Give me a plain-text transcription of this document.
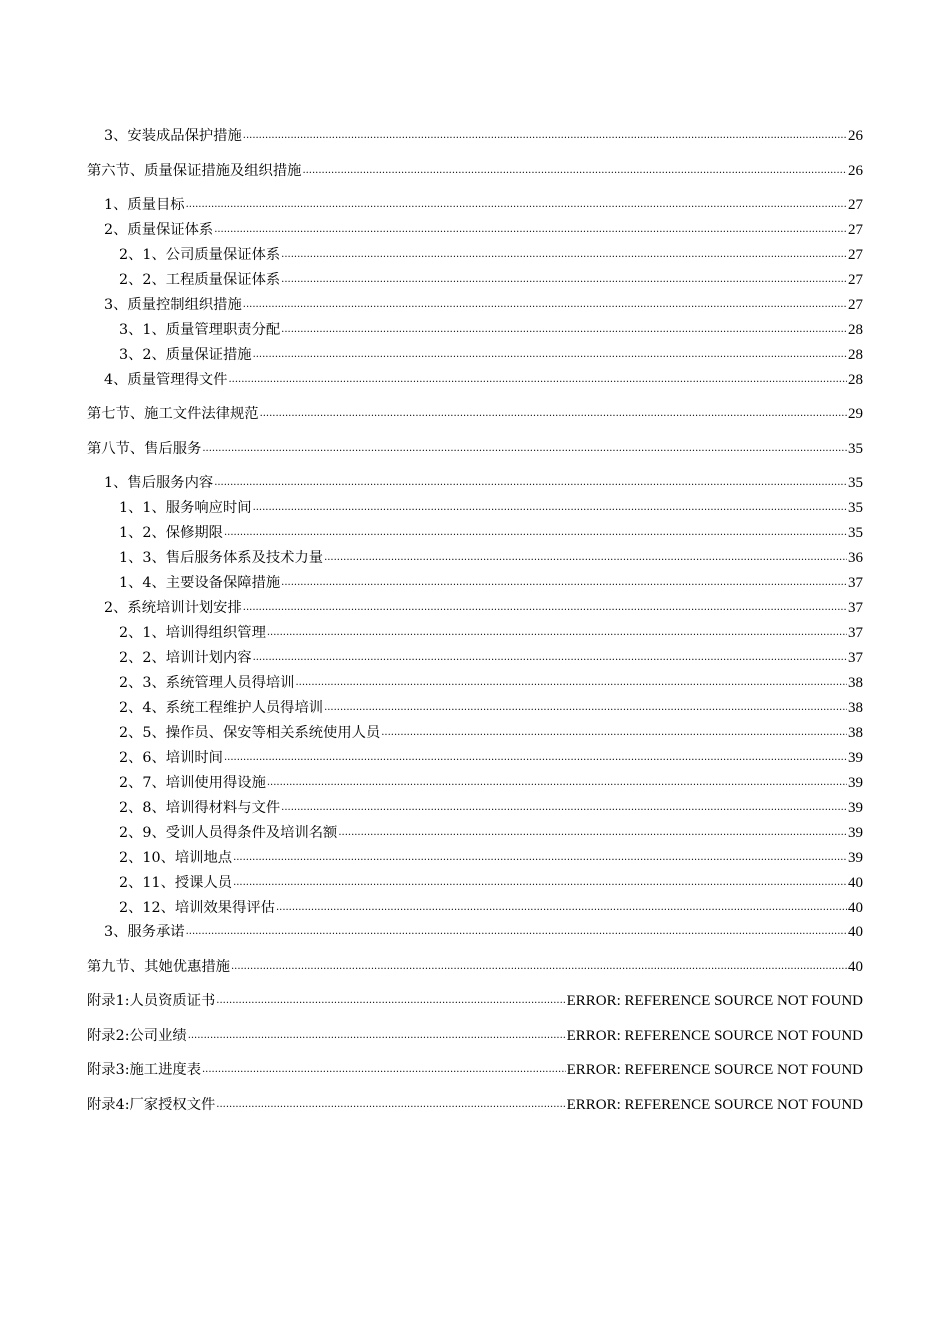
3、安装成品保护措施 .....	26
第六节、质量保证措施及组织措施 .....	26
1、质量目标 .....	27
2、质量保证体系 .....	27
2、1、公司质量保证体系 .....	27
2、2、工程质量保证体系 .....	27
3、质量控制组织措施 .....	27
3、1、质量管理职责分配 .....	28
3、2、质量保证措施 .....	28
4、质量管理得文件 .....	28
第七节、施工文件法律规范 .....	29
第八节、售后服务 .....	35
1、售后服务内容 .....	35
1、1、服务响应时间 .....	35
1、2、保修期限 .....	35
1、3、售后服务体系及技术力量 .....	36
1、4、主要设备保障措施 .....	37
2、系统培训计划安排 .....	37
2、1、培训得组织管理 .....	37
2、2、培训计划内容 .....	37
2、3、系统管理人员得培训 .....	38
2、4、系统工程维护人员得培训 .....	38
2、5、操作员、保安等相关系统使用人员 .....	38
2、6、培训时间 .....	39
2、7、培训使用得设施 .....	39
2、8、培训得材料与文件 .....	39
2、9、受训人员得条件及培训名额 .....	39
2、10、培训地点 .....	39
2、11、授课人员 .....	40
2、12、培训效果得评估 .....	40
3、服务承诺 .....	40
第九节、其她优惠措施 .....	40
附录1:人员资质证书 .....	ERROR: REFERENCE SOURCE NOT FOUND
附录2:公司业绩 .....	ERROR: REFERENCE SOURCE NOT FOUND
附录3:施工进度表 .....	ERROR: REFERENCE SOURCE NOT FOUND
附录4:厂家授权文件 .....	ERROR: REFERENCE SOURCE NOT FOUND
